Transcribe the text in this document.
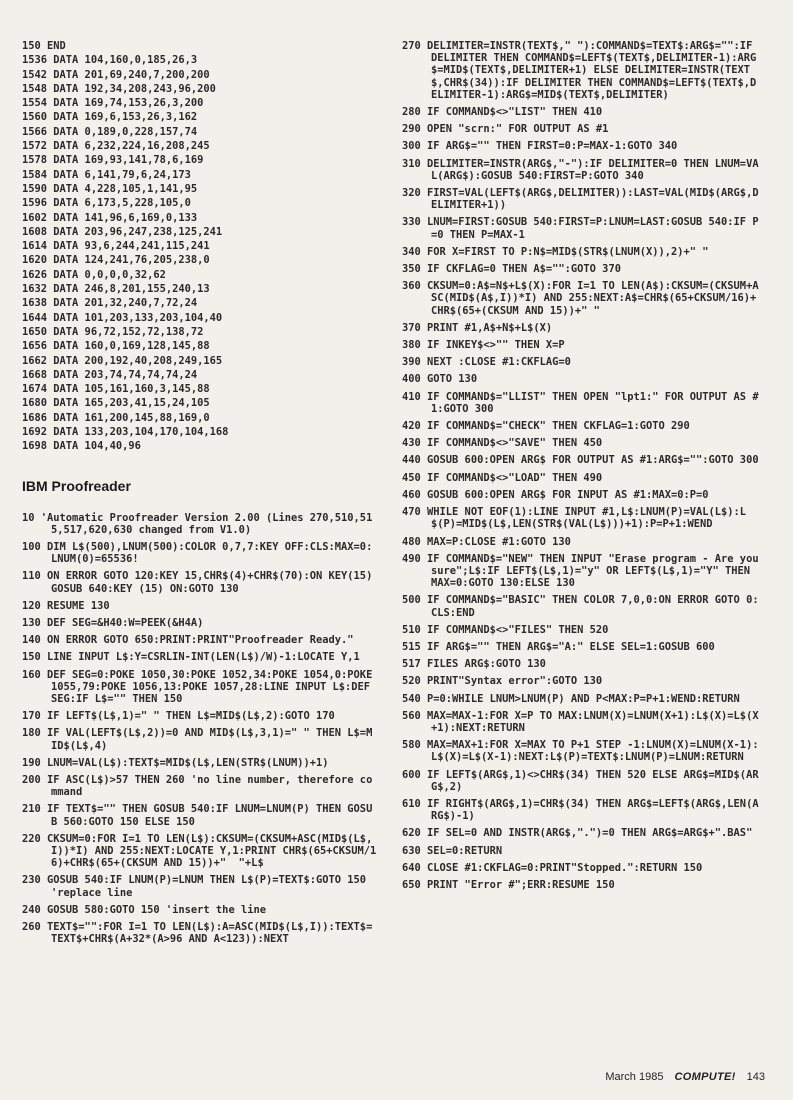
150 END
1536 DATA 104,160,0,185,26,3
1542 DATA 201,69,240,7,200,200
1548 DATA 192,34,208,243,96,200
1554 DATA 169,74,153,26,3,200
1560 DATA 169,6,153,26,3,162
1566 DATA 0,189,0,228,157,74
1572 DATA 6,232,224,16,208,245
1578 DATA 169,93,141,78,6,169
1584 DATA 6,141,79,6,24,173
1590 DATA 4,228,105,1,141,95
1596 DATA 6,173,5,228,105,0
1602 DATA 141,96,6,169,0,133
1608 DATA 203,96,247,238,125,241
1614 DATA 93,6,244,241,115,241
1620 DATA 124,241,76,205,238,0
1626 DATA 0,0,0,0,32,62
1632 DATA 246,8,201,155,240,13
1638 DATA 201,32,240,7,72,24
1644 DATA 101,203,133,203,104,40
1650 DATA 96,72,152,72,138,72
1656 DATA 160,0,169,128,145,88
1662 DATA 200,192,40,208,249,165
1668 DATA 203,74,74,74,74,24
1674 DATA 105,161,160,3,145,88
1680 DATA 165,203,41,15,24,105
1686 DATA 161,200,145,88,169,0
1692 DATA 133,203,104,170,104,168
1698 DATA 104,40,96
IBM Proofreader
10 'Automatic Proofreader Version 2.00 (Lines 270,510,515,517,620,630 changed from V1.0)
100 DIM L$(500),LNUM(500):COLOR 0,7,7:KEY OFF:CLS:MAX=0:LNUM(0)=65536!
110 ON ERROR GOTO 120:KEY 15,CHR$(4)+CHR$(70):ON KEY(15) GOSUB 640:KEY (15) ON:GOTO 130
120 RESUME 130
130 DEF SEG=&H40:W=PEEK(&H4A)
140 ON ERROR GOTO 650:PRINT:PRINT"Proofreader Ready."
150 LINE INPUT L$:Y=CSRLIN-INT(LEN(L$)/W)-1:LOCATE Y,1
160 DEF SEG=0:POKE 1050,30:POKE 1052,34:POKE 1054,0:POKE 1055,79:POKE 1056,13:POKE 1057,28:LINE INPUT L$:DEF SEG:IF L$="" THEN 150
170 IF LEFT$(L$,1)=" " THEN L$=MID$(L$,2):GOTO 170
180 IF VAL(LEFT$(L$,2))=0 AND MID$(L$,3,1)=" " THEN L$=MID$(L$,4)
190 LNUM=VAL(L$):TEXT$=MID$(L$,LEN(STR$(LNUM))+1)
200 IF ASC(L$)>57 THEN 260 'no line number, therefore command
210 IF TEXT$="" THEN GOSUB 540:IF LNUM=LNUM(P) THEN GOSUB 560:GOTO 150 ELSE 150
220 CKSUM=0:FOR I=1 TO LEN(L$):CKSUM=(CKSUM+ASC(MID$(L$,I))*I) AND 255:NEXT:LOCATE Y,1:PRINT CHR$(65+CKSUM/16)+CHR$(65+(CKSUM AND 15))+"  "+L$
230 GOSUB 540:IF LNUM(P)=LNUM THEN L$(P)=TEXT$:GOTO 150 'replace line
240 GOSUB 580:GOTO 150 'insert the line
260 TEXT$="":FOR I=1 TO LEN(L$):A=ASC(MID$(L$,I)):TEXT$=TEXT$+CHR$(A+32*(A>96 AND A<123)):NEXT
270 DELIMITER=INSTR(TEXT$," "):COMMAND$=TEXT$:ARG$="":IF DELIMITER THEN COMMAND$=LEFT$(TEXT$,DELIMITER-1):ARG$=MID$(TEXT$,DELIMITER+1) ELSE DELIMITER=INSTR(TEXT$,CHR$(34)):IF DELIMITER THEN COMMAND$=LEFT$(TEXT$,DELIMITER-1):ARG$=MID$(TEXT$,DELIMITER)
280 IF COMMAND$<>"LIST" THEN 410
290 OPEN "scrn:" FOR OUTPUT AS #1
300 IF ARG$="" THEN FIRST=0:P=MAX-1:GOTO 340
310 DELIMITER=INSTR(ARG$,"-"):IF DELIMITER=0 THEN LNUM=VAL(ARG$):GOSUB 540:FIRST=P:GOTO 340
320 FIRST=VAL(LEFT$(ARG$,DELIMITER)):LAST=VAL(MID$(ARG$,DELIMITER+1))
330 LNUM=FIRST:GOSUB 540:FIRST=P:LNUM=LAST:GOSUB 540:IF P=0 THEN P=MAX-1
340 FOR X=FIRST TO P:N$=MID$(STR$(LNUM(X)),2)+" "
350 IF CKFLAG=0 THEN A$="":GOTO 370
360 CKSUM=0:A$=N$+L$(X):FOR I=1 TO LEN(A$):CKSUM=(CKSUM+ASC(MID$(A$,I))*I) AND 255:NEXT:A$=CHR$(65+CKSUM/16)+CHR$(65+(CKSUM AND 15))+" "
370 PRINT #1,A$+N$+L$(X)
380 IF INKEY$<>"" THEN X=P
390 NEXT :CLOSE #1:CKFLAG=0
400 GOTO 130
410 IF COMMAND$="LLIST" THEN OPEN "lpt1:" FOR OUTPUT AS #1:GOTO 300
420 IF COMMAND$="CHECK" THEN CKFLAG=1:GOTO 290
430 IF COMMAND$<>"SAVE" THEN 450
440 GOSUB 600:OPEN ARG$ FOR OUTPUT AS #1:ARG$="":GOTO 300
450 IF COMMAND$<>"LOAD" THEN 490
460 GOSUB 600:OPEN ARG$ FOR INPUT AS #1:MAX=0:P=0
470 WHILE NOT EOF(1):LINE INPUT #1,L$:LNUM(P)=VAL(L$):L$(P)=MID$(L$,LEN(STR$(VAL(L$)))+1):P=P+1:WEND
480 MAX=P:CLOSE #1:GOTO 130
490 IF COMMAND$="NEW" THEN INPUT "Erase program - Are you sure";L$:IF LEFT$(L$,1)="y" OR LEFT$(L$,1)="Y" THEN MAX=0:GOTO 130:ELSE 130
500 IF COMMAND$="BASIC" THEN COLOR 7,0,0:ON ERROR GOTO 0:CLS:END
510 IF COMMAND$<>"FILES" THEN 520
515 IF ARG$="" THEN ARG$="A:" ELSE SEL=1:GOSUB 600
517 FILES ARG$:GOTO 130
520 PRINT"Syntax error":GOTO 130
540 P=0:WHILE LNUM>LNUM(P) AND P<MAX:P=P+1:WEND:RETURN
560 MAX=MAX-1:FOR X=P TO MAX:LNUM(X)=LNUM(X+1):L$(X)=L$(X+1):NEXT:RETURN
580 MAX=MAX+1:FOR X=MAX TO P+1 STEP -1:LNUM(X)=LNUM(X-1):L$(X)=L$(X-1):NEXT:L$(P)=TEXT$:LNUM(P)=LNUM:RETURN
600 IF LEFT$(ARG$,1)<>CHR$(34) THEN 520 ELSE ARG$=MID$(ARG$,2)
610 IF RIGHT$(ARG$,1)=CHR$(34) THEN ARG$=LEFT$(ARG$,LEN(ARG$)-1)
620 IF SEL=0 AND INSTR(ARG$,".")=0 THEN ARG$=ARG$+".BAS"
630 SEL=0:RETURN
640 CLOSE #1:CKFLAG=0:PRINT"Stopped.":RETURN 150
650 PRINT "Error #";ERR:RESUME 150
March 1985 COMPUTE! 143
